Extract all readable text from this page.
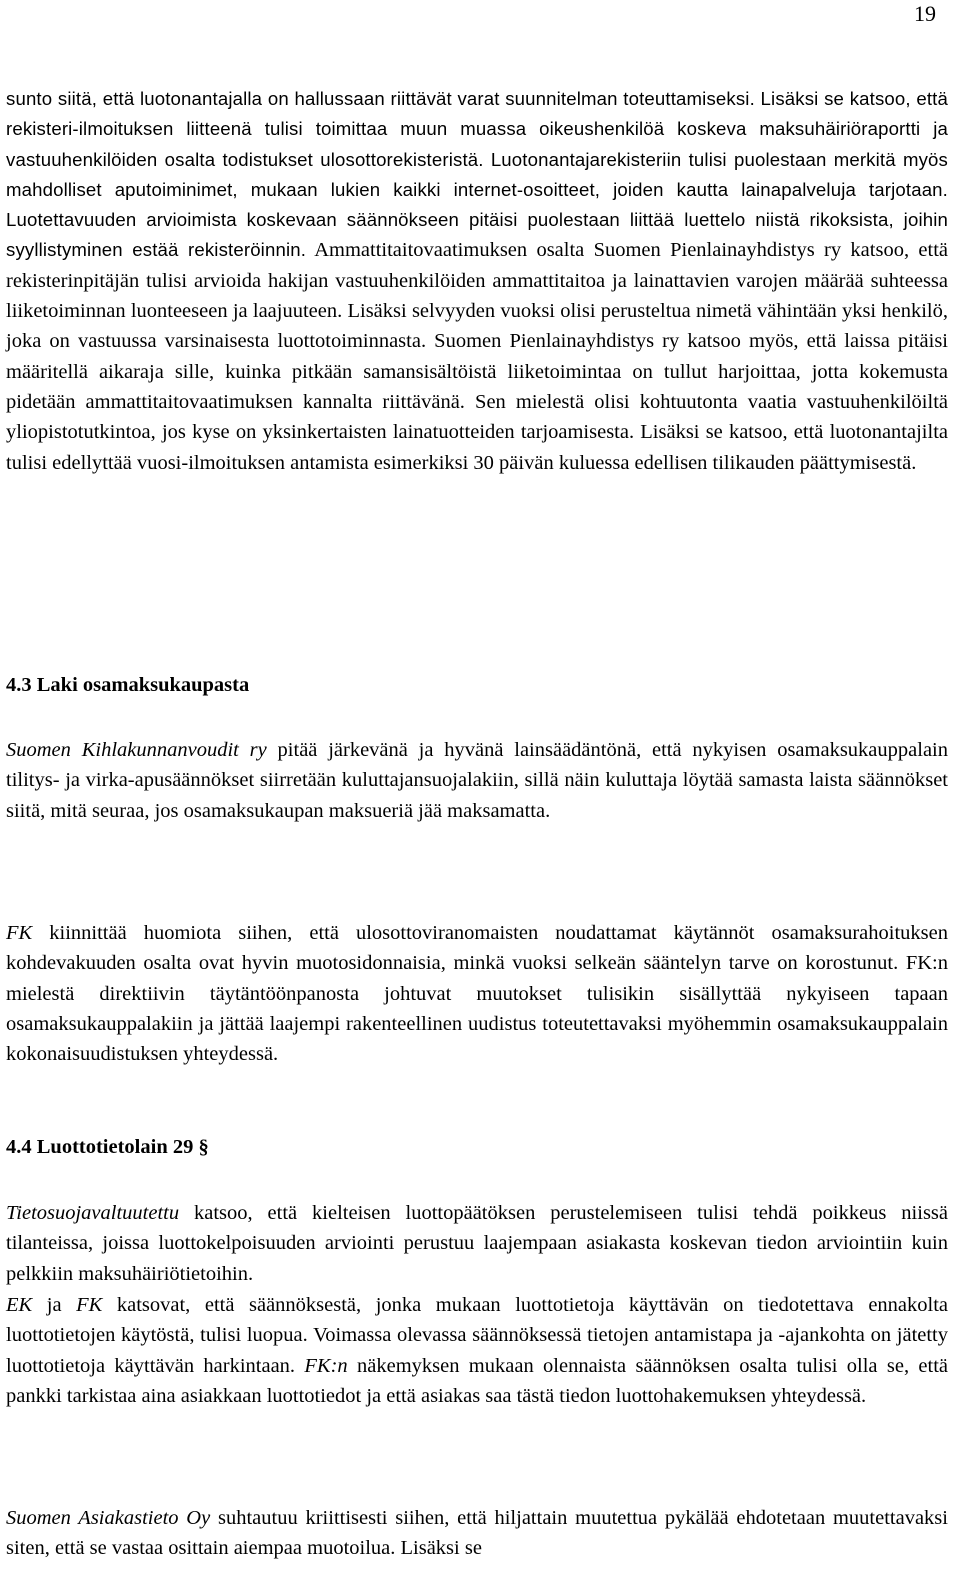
19

sunto siitä, että luotonantajalla on hallussaan riittävät varat suunnitelman toteuttamiseksi. Lisäksi se katsoo, että rekisteri-ilmoituksen liitteenä tulisi toimittaa muun muassa oikeushenkilöä koskeva maksuhäiriöraportti ja vastuuhenkilöiden osalta todistukset ulosottorekisteristä. Luotonantajarekisteriin tulisi puolestaan merkitä myös mahdolliset aputoiminimet, mukaan lukien kaikki internet-osoitteet, joiden kautta lainapalveluja tarjotaan. Luotettavuuden arvioimista koskevaan säännökseen pitäisi puolestaan liittää luettelo niistä rikoksista, joihin syyllistyminen estää rekisteröinnin. Ammattitaitovaatimuksen osalta Suomen Pienlainayhdistys ry katsoo, että rekisterinpitäjän tulisi arvioida hakijan vastuuhenkilöiden ammattitaitoa ja lainattavien varojen määrää suhteessa liiketoiminnan luonteeseen ja laajuuteen. Lisäksi selvyyden vuoksi olisi perusteltua nimetä vähintään yksi henkilö, joka on vastuussa varsinaisesta luottotoiminnasta. Suomen Pienlainayhdistys ry katsoo myös, että laissa pitäisi määritellä aikaraja sille, kuinka pitkään samansisältöistä liiketoimintaa on tullut harjoittaa, jotta kokemusta pidetään ammattitaitovaatimuksen kannalta riittävänä. Sen mielestä olisi kohtuutonta vaatia vastuuhenkilöiltä yliopistotutkintoa, jos kyse on yksinkertaisten lainatuotteiden tarjoamisesta. Lisäksi se katsoo, että luotonantajilta tulisi edellyttää vuosi-ilmoituksen antamista esimerkiksi 30 päivän kuluessa edellisen tilikauden päättymisestä.

4.3 Laki osamaksukaupasta

Suomen Kihlakunnanvoudit ry pitää järkevänä ja hyvänä lainsäädäntönä, että nykyisen osamaksukauppalain tilitys- ja virka-apusäännökset siirretään kuluttajansuojalakiin, sillä näin kuluttaja löytää samasta laista säännökset siitä, mitä seuraa, jos osamaksukaupan maksueriä jää maksamatta.

FK kiinnittää huomiota siihen, että ulosottoviranomaisten noudattamat käytännöt osamaksurahoituksen kohdevakuuden osalta ovat hyvin muotosidonnaisia, minkä vuoksi selkeän sääntelyn tarve on korostunut. FK:n mielestä direktiivin täytäntöönpanosta johtuvat muutokset tulisikin sisällyttää nykyiseen tapaan osamaksukauppalakiin ja jättää laajempi rakenteellinen uudistus toteutettavaksi myöhemmin osamaksukauppalain kokonaisuudistuksen yhteydessä.

4.4 Luottotietolain 29 §

Tietosuojavaltuutettu katsoo, että kielteisen luottopäätöksen perustelemiseen tulisi tehdä poikkeus niissä tilanteissa, joissa luottokelpoisuuden arviointi perustuu laajempaan asiakasta koskevan tiedon arviointiin kuin pelkkiin maksuhäiriötietoihin.

EK ja FK katsovat, että säännöksestä, jonka mukaan luottotietoja käyttävän on tiedotettava ennakolta luottotietojen käytöstä, tulisi luopua. Voimassa olevassa säännöksessä tietojen antamistapa ja -ajankohta on jätetty luottotietoja käyttävän harkintaan. FK:n näkemyksen mukaan olennaista säännöksen osalta tulisi olla se, että pankki tarkistaa aina asiakkaan luottotiedot ja että asiakas saa tästä tiedon luottohakemuksen yhteydessä.

Suomen Asiakastieto Oy suhtautuu kriittisesti siihen, että hiljattain muutettua pykälää ehdotetaan muutettavaksi siten, että se vastaa osittain aiempaa muotoilua. Lisäksi se
